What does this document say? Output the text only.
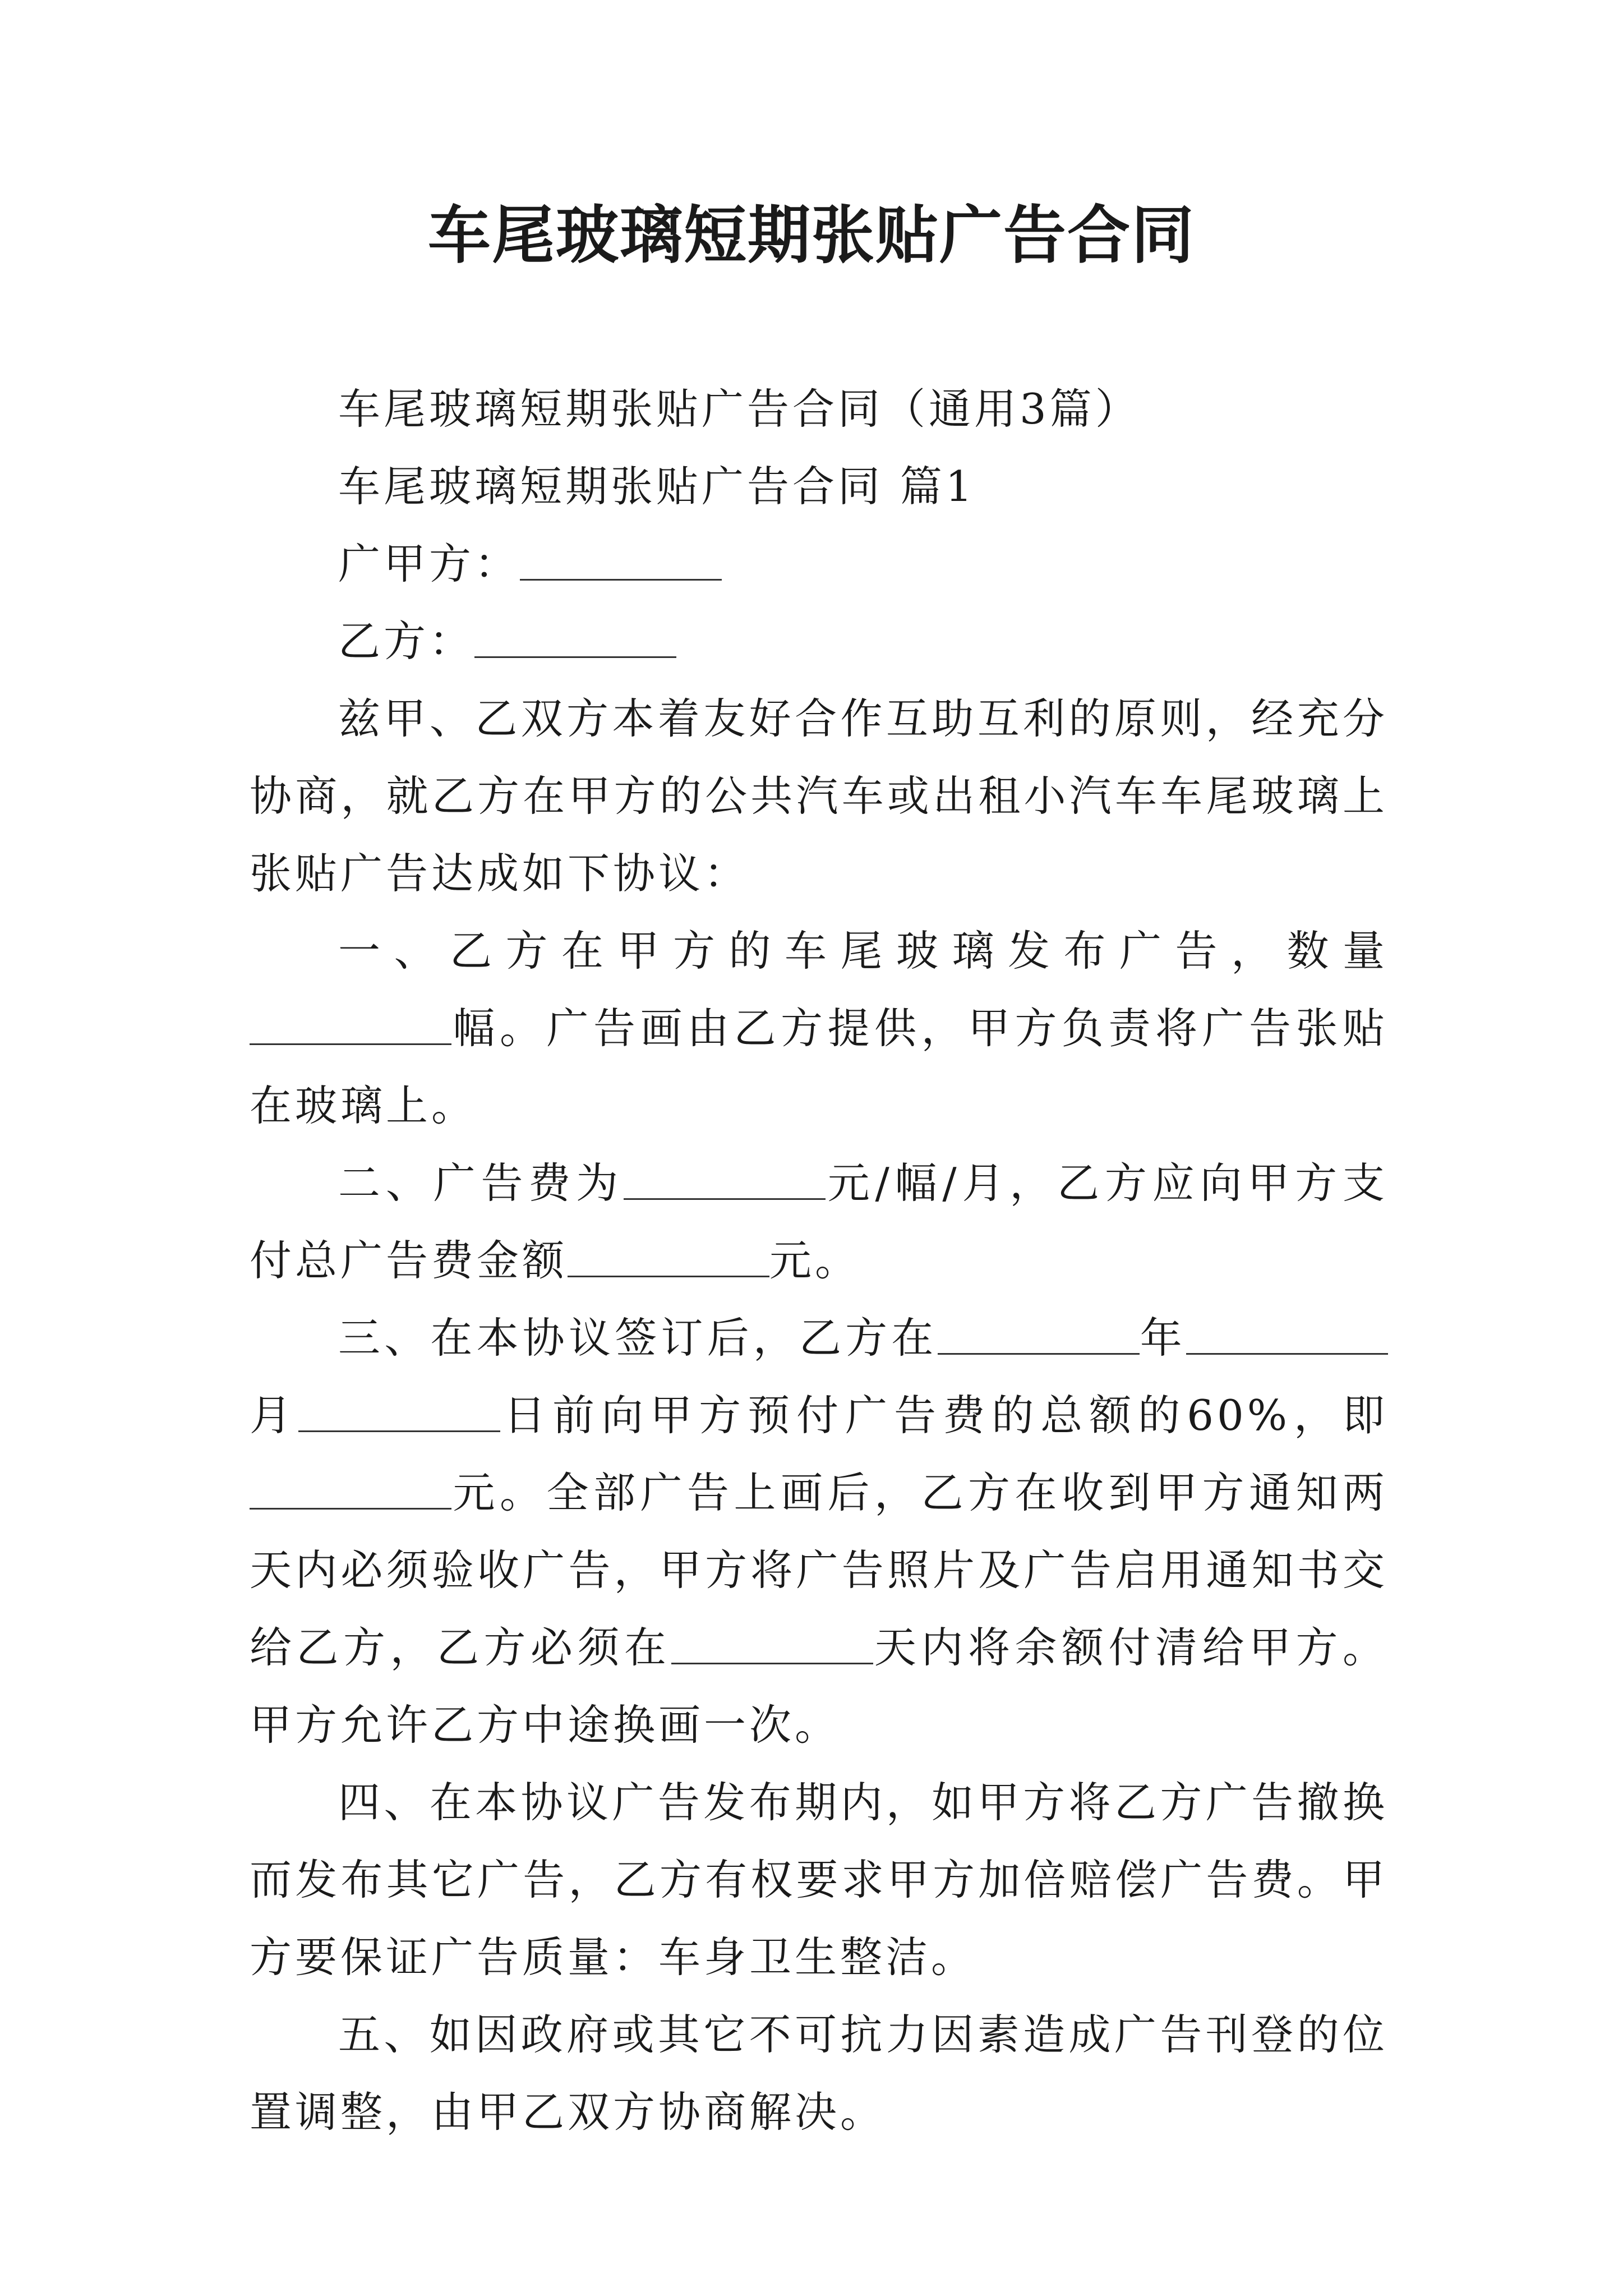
车尾玻璃短期张贴广告合同

车尾玻璃短期张贴广告合同（通用3篇）

车尾玻璃短期张贴广告合同 篇1

广甲方：

乙方：

兹甲、乙双方本着友好合作互助互利的原则，经充分协商，就乙方在甲方的公共汽车或出租小汽车车尾玻璃上张贴广告达成如下协议：

一、乙方在甲方的车尾玻璃发布广告，数量幅。广告画由乙方提供，甲方负责将广告张贴在玻璃上。

二、广告费为	元/幅/月，乙方应向甲方支付总广告费金额	元。

三、在本协议签订后，乙方在	年月	日前向甲方预付广告费的总额的60%，即元。全部广告上画后，乙方在收到甲方通知两天内必须验收广告，甲方将广告照片及广告启用通知书交给乙方，乙方必须在	天内将余额付清给甲方。甲方允许乙方中途换画一次。

四、在本协议广告发布期内，如甲方将乙方广告撤换而发布其它广告，乙方有权要求甲方加倍赔偿广告费。甲方要保证广告质量：车身卫生整洁。

五、如因政府或其它不可抗力因素造成广告刊登的位置调整，由甲乙双方协商解决。
